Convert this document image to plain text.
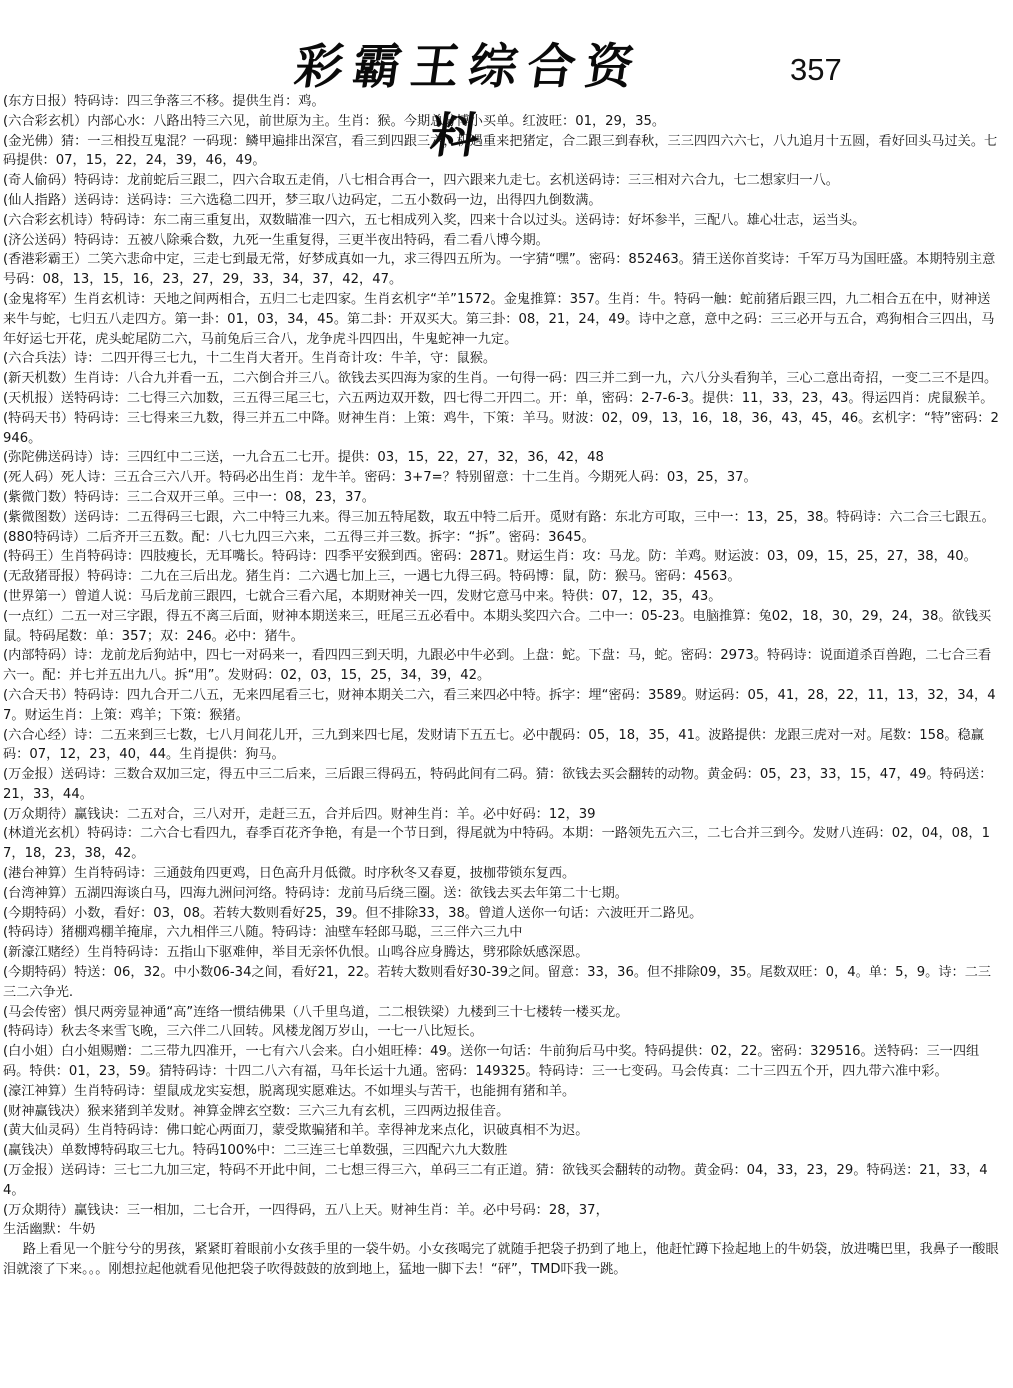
彩霸王综合资料
357
(东方日报）特码诗：四三争落三不移。提供生肖：鸡。
(六合彩玄机）内部心水：八路出特三六见，前世原为主。生肖：猴。今期总分博小买单。红波旺：01，29，35。
(金光佛）猜：一三相投互鬼混？一码现：鳞甲遍排出深宫，看三到四跟三六，机遇重来把猪定，合二跟三到春秋，三三四四六六七，八九追月十五圆，看好回头马过关。七码提供：07，15，22，24，39，46，49。
(奇人偷码）特码诗：龙前蛇后三跟二，四六合取五走俏，八七相合再合一，四六跟来九走七。玄机送码诗：三三相对六合九，七二想家归一八。
(仙人指路）送码诗：送码诗：三六选稳二四开，梦三取八边码定，二五小数码一边，出得四九倒数满。
(六合彩玄机诗）特码诗：东二南三重复出，双数瞄准一四六，五七相成列入奖，四来十合以过头。送码诗：好坏参半，三配八。雄心壮志，运当头。
(济公送码）特码诗：五被八除乘合数，九死一生重复得，三更半夜出特码，看二看八博今期。
(香港彩霸王）二笑六悲命中定，三走七到最无常，好梦成真如一九，求三得四五所为。一字猜“嘿”。密码：852463。猜王送你首奖诗：千军万马为国旺盛。本期特别主意号码：08，13，15，16，23，27，29，33，34，37，42，47。
(金鬼将军）生肖玄机诗：天地之间两相合，五归二七走四家。生肖玄机字“羊”1572。金鬼推算：357。生肖：牛。特码一触：蛇前猪后跟三四，九二相合五在中，财神送来牛与蛇，七归五八走四方。第一卦：01，03，34，45。第二卦：开双买大。第三卦：08，21，24，49。诗中之意，意中之码：三三必开与五合，鸡狗相合三四出，马年好运七开花，虎头蛇尾防二六，马前兔后三合八，龙争虎斗四四出，牛鬼蛇神一九定。
(六合兵法）诗：二四开得三七九，十二生肖大者开。生肖奇计攻：牛羊，守：鼠猴。
(新天机数）生肖诗：八合九并看一五，二六倒合并三八。欲钱去买四海为家的生肖。一句得一码：四三并二到一九，六八分头看狗羊，三心二意出奇招，一变二三不是四。
(天机报）送特码诗：二七得三六加数，三五得三尾三七，六五两边双开数，四七得二开四二。开：单，密码：2-7-6-3。提供：11，33，23，43。得运四肖：虎鼠猴羊。
(特码天书）特码诗：三七得来三九数，得三并五二中降。财神生肖：上策：鸡牛，下策：羊马。财波：02，09，13，16，18，36，43，45，46。玄机字：“特”密码：2946。
(弥陀佛送码诗）诗：三四红中二三送，一九合五二七开。提供：03，15，22，27，32，36，42，48
(死人码）死人诗：三五合三六八开。特码必出生肖：龙牛羊。密码：3+7=？特别留意：十二生肖。今期死人码：03，25，37。
(紫微门数）特码诗：三二合双开三单。三中一：08，23，37。
(紫微图数）送码诗：二五得码三七跟，六二中特三九来。得三加五特尾数，取五中特二后开。觅财有路：东北方可取，三中一：13，25，38。特码诗：六二合三七跟五。
(880特码诗）二后齐开三五数。配：八七九四三六来，二五得三并三数。拆字：“拆”。密码：3645。
(特码王）生肖特码诗：四肢瘦长，无耳嘴长。特码诗：四季平安猴到西。密码：2871。财运生肖：攻：马龙。防：羊鸡。财运波：03，09，15，25，27，38，40。
(无敌猪哥报）特码诗：二九在三后出龙。猪生肖：二六遇七加上三，一遇七九得三码。特码博：鼠，防：猴马。密码：4563。
(世界第一）曾道人说：马后龙前三跟四，七就合三看六尾，本期财神关一四，发财它意马中来。特供：07，12，35，43。
(一点红）二五一对三字跟，得五不离三后面，财神本期送来三，旺尾三五必看中。本期头奖四六合。二中一：05-23。电脑推算：兔02，18，30，29，24，38。欲钱买鼠。特码尾数：单：357；双：246。必中：猪牛。
(内部特码）诗：龙前龙后狗站中，四七一对码来一，看四四三到天明，九跟必中牛必到。上盘：蛇。下盘：马，蛇。密码：2973。特码诗：说面道杀百兽跑，二七合三看六一。配：并七并五出九八。拆“用”。发财码：02，03，15，25，34，39，42。
(六合天书）特码诗：四九合开二八五，无来四尾看三七，财神本期关二六，看三来四必中特。拆字：埋“密码：3589。财运码：05，41，28，22，11，13，32，34，47。财运生肖：上策：鸡羊；下策：猴猪。
(六合心经）诗：二五来到三七数，七八月间花儿开，三九到来四七尾，发财请下五五七。必中靓码：05，18，35，41。波路提供：龙跟三虎对一对。尾数：158。稳赢码：07，12，23，40，44。生肖提供：狗马。
(万金报）送码诗：三数合双加三定，得五中三二后来，三后跟三得码五，特码此间有二码。猜：欲钱去买会翻转的动物。黄金码：05，23，33，15，47，49。特码送：21，33，44。
(万众期待）赢钱诀：二五对合，三八对开，走赶三五，合并后四。财神生肖：羊。必中好码：12，39
(林道光玄机）特码诗：二六合七看四九，春季百花齐争艳，有是一个节日到，得尾就为中特码。本期：一路领先五六三，二七合并三到今。发财八连码：02，04，08，17，18，23，38，42。
(港台神算）生肖特码诗：三通鼓角四更鸡，日色高升月低微。时序秋冬又春夏，披枷带锁东复西。
(台湾神算）五湖四海谈白马，四海九洲问河络。特码诗：龙前马后绕三圈。送：欲钱去买去年第二十七期。
(今期特码）小数，看好：03，08。若转大数则看好25，39。但不排除33，38。曾道人送你一句话：六波旺开二路见。
(特码诗）猪棚鸡棚羊掩扉，六九相伴三八随。特码诗：油壁车轻郎马聪，三三伴六三九中
(新濠江赌经）生肖特码诗：五指山下驱难伸，举目无亲怀仇恨。山鸣谷应身腾达，劈邪除妖感深恩。
(今期特码）特送：06，32。中小数06-34之间，看好21，22。若转大数则看好30-39之间。留意：33，36。但不排除09，35。尾数双旺：0，4。单：5，9。诗：二三三二六争光.
(马会传密）惧尺两旁显神通“高”连络一惯结佛果（八千里鸟道，二二根铁梁）九楼到三十七楼转一楼买龙。
(特码诗）秋去冬来雪飞晚，三六伴二八回转。风楼龙阁万岁山，一七一八比短长。
(白小姐）白小姐赐赠：二三带九四准开，一七有六八会来。白小姐旺棒：49。送你一句话：牛前狗后马中奖。特码提供：02，22。密码：329516。送特码：三一四组码。特供：01，23，59。猜特码诗：十四二八六有福，马年长运十九通。密码：149325。特码诗：三一七变码。马会传真：二十三四五个开，四九带六准中彩。
(濠江神算）生肖特码诗：望鼠成龙实妄想，脱离现实愿难达。不如埋头与苦干，也能拥有猪和羊。
(财神赢钱决）猴来猪到羊发财。神算金牌玄空数：三六三九有玄机，三四两边报佳音。
(黄大仙灵码）生肖特码诗：佛口蛇心两面刀，蒙受欺骗猪和羊。幸得神龙来点化，识破真相不为迟。
(赢钱决）单数博特码取三七九。特码100%中：二三连三七单数强，三四配六九大数胜
(万金报）送码诗：三七二九加三定，特码不开此中间，二七想三得三六，单码三二有正道。猜：欲钱买会翻转的动物。黄金码：04，33，23，29。特码送：21，33，44。
(万众期待）赢钱诀：三一相加，二七合开，一四得码，五八上天。财神生肖：羊。必中号码：28，37，
生活幽默：牛奶

路上看见一个脏兮兮的男孩，紧紧盯着眼前小女孩手里的一袋牛奶。小女孩喝完了就随手把袋子扔到了地上，他赶忙蹲下捡起地上的牛奶袋，放进嘴巴里，我鼻子一酸眼泪就滚了下来。。。刚想拉起他就看见他把袋子吹得鼓鼓的放到地上，猛地一脚下去！“砰”，TMD吓我一跳。
